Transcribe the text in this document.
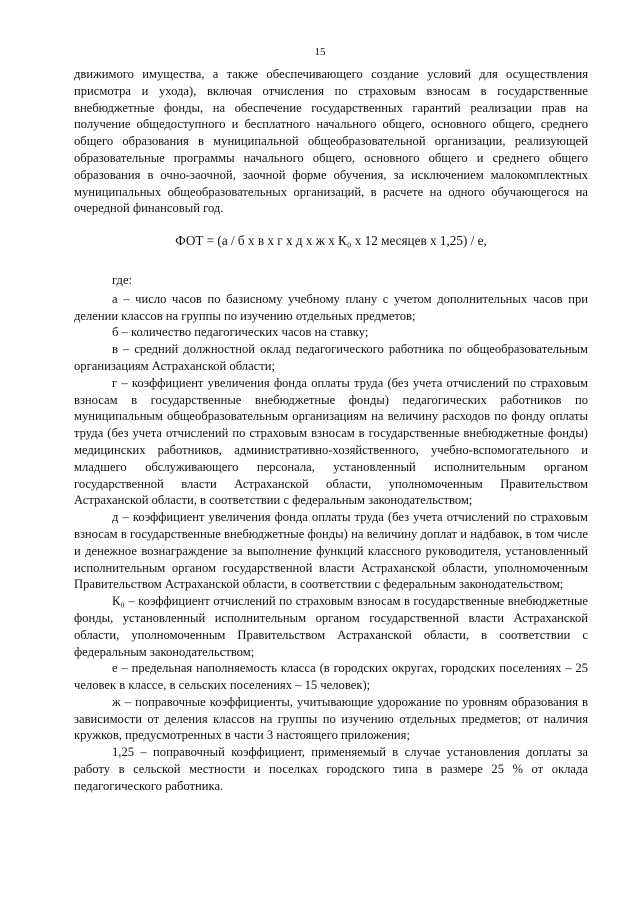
15

движимого имущества, а также обеспечивающего создание условий для осуществления присмотра и ухода), включая отчисления по страховым взносам в государственные внебюджетные фонды, на обеспечение государственных гарантий реализации прав на получение общедоступного и бесплатного начального общего, основного общего, среднего общего образования в муниципальной общеобразовательной организации, реализующей образовательные программы начального общего, основного общего и среднего общего образования в очно-заочной, заочной форме обучения, за исключением малокомплектных муниципальных общеобразовательных организаций, в расчете на одного обучающегося на очередной финансовый год.

ФОТ = (а / б х в х г х д х ж х К₀ х 12 месяцев х 1,25) / е,

где:

а – число часов по базисному учебному плану с учетом дополнительных часов при делении классов на группы по изучению отдельных предметов;

б – количество педагогических часов на ставку;

в – средний должностной оклад педагогического работника по общеобразовательным организациям Астраханской области;

г – коэффициент увеличения фонда оплаты труда (без учета отчислений по страховым взносам в государственные внебюджетные фонды) педагогических работников по муниципальным общеобразовательным организациям на величину расходов по фонду оплаты труда (без учета отчислений по страховым взносам в государственные внебюджетные фонды) медицинских работников, административно-хозяйственного, учебно-вспомогательного и младшего обслуживающего персонала, установленный исполнительным органом государственной власти Астраханской области, уполномоченным Правительством Астраханской области, в соответствии с федеральным законодательством;

д – коэффициент увеличения фонда оплаты труда (без учета отчислений по страховым взносам в государственные внебюджетные фонды) на величину доплат и надбавок, в том числе и денежное вознаграждение за выполнение функций классного руководителя, установленный исполнительным органом государственной власти Астраханской области, уполномоченным Правительством Астраханской области, в соответствии с федеральным законодательством;

К₀ – коэффициент отчислений по страховым взносам в государственные внебюджетные фонды, установленный исполнительным органом государственной власти Астраханской области, уполномоченным Правительством Астраханской области, в соответствии с федеральным законодательством;

е – предельная наполняемость класса (в городских округах, городских поселениях – 25 человек в классе, в сельских поселениях – 15 человек);

ж – поправочные коэффициенты, учитывающие удорожание по уровням образования в зависимости от деления классов на группы по изучению отдельных предметов; от наличия кружков, предусмотренных в части 3 настоящего приложения;

1,25 – поправочный коэффициент, применяемый в случае установления доплаты за работу в сельской местности и поселках городского типа в размере 25 % от оклада педагогического работника.
